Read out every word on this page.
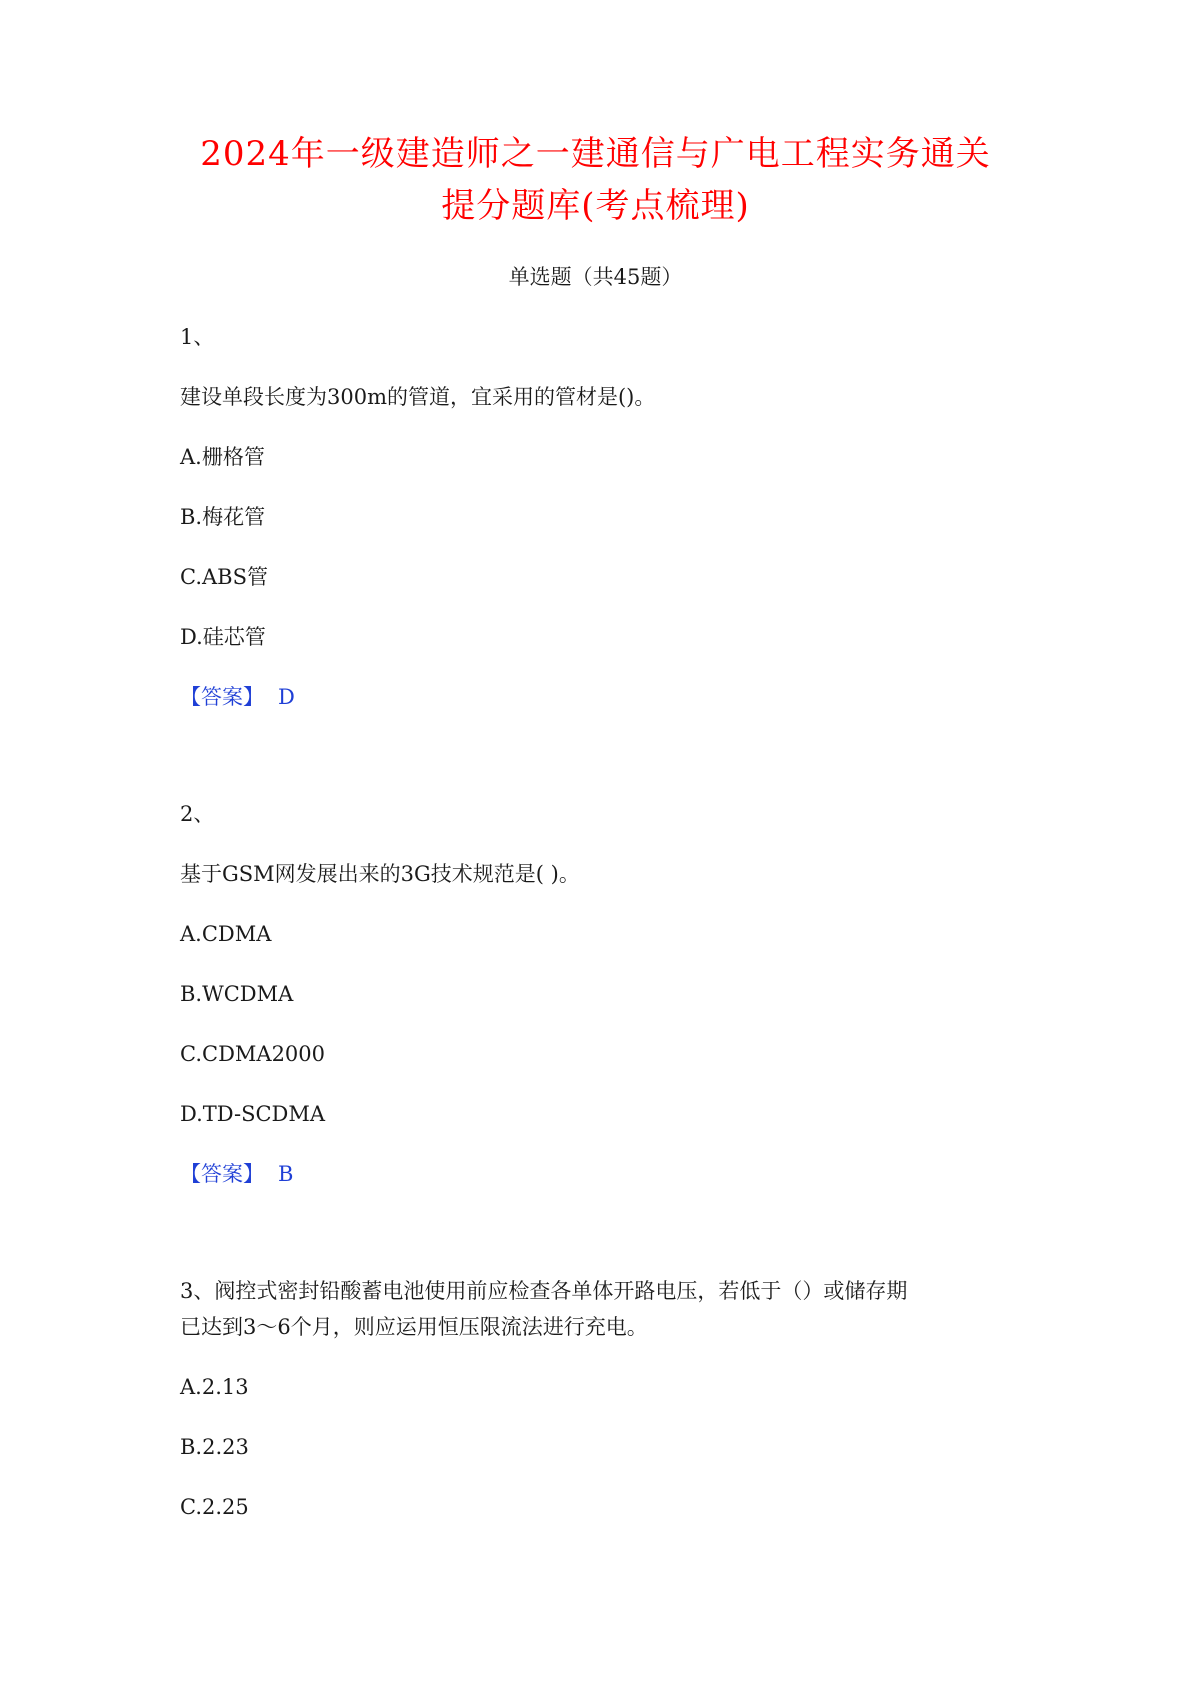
2024年一级建造师之一建通信与广电工程实务通关
提分题库(考点梳理)
单选题（共45题）
1、
建设单段长度为300m的管道，宜采用的管材是()。
A.栅格管
B.梅花管
C.ABS管
D.硅芯管
【答案】 D
2、
基于GSM网发展出来的3G技术规范是( )。
A.CDMA
B.WCDMA
C.CDMA2000
D.TD-SCDMA
【答案】 B
3、阀控式密封铅酸蓄电池使用前应检查各单体开路电压，若低于（）或储存期
已达到3～6个月，则应运用恒压限流法进行充电。
A.2.13
B.2.23
C.2.25
